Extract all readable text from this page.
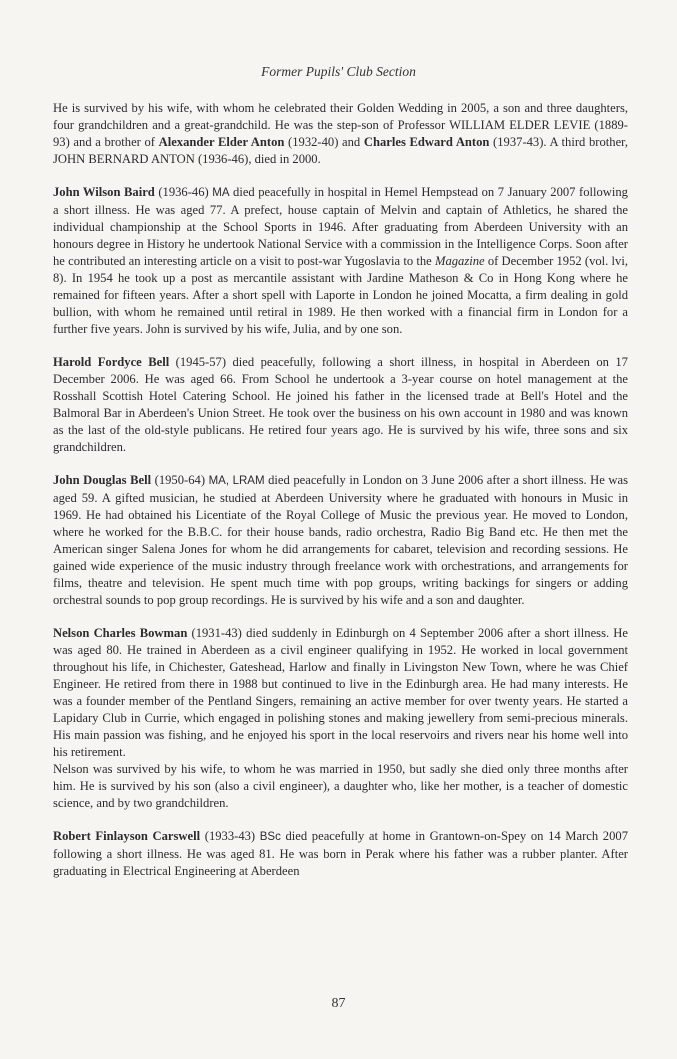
Former Pupils' Club Section

He is survived by his wife, with whom he celebrated their Golden Wedding in 2005, a son and three daughters, four grandchildren and a great-grandchild. He was the step-son of Professor WILLIAM ELDER LEVIE (1889-93) and a brother of Alexander Elder Anton (1932-40) and Charles Edward Anton (1937-43). A third brother, JOHN BERNARD ANTON (1936-46), died in 2000.

John Wilson Baird (1936-46) MA died peacefully in hospital in Hemel Hempstead on 7 January 2007 following a short illness. He was aged 77. A prefect, house captain of Melvin and captain of Athletics, he shared the individual championship at the School Sports in 1946. After graduating from Aberdeen University with an honours degree in History he undertook National Service with a commission in the Intelligence Corps. Soon after he contributed an interesting article on a visit to post-war Yugoslavia to the Magazine of December 1952 (vol. lvi, 8). In 1954 he took up a post as mercantile assistant with Jardine Matheson & Co in Hong Kong where he remained for fifteen years. After a short spell with Laporte in London he joined Mocatta, a firm dealing in gold bullion, with whom he remained until retiral in 1989. He then worked with a financial firm in London for a further five years. John is survived by his wife, Julia, and by one son.

Harold Fordyce Bell (1945-57) died peacefully, following a short illness, in hospital in Aberdeen on 17 December 2006. He was aged 66. From School he undertook a 3-year course on hotel management at the Rosshall Scottish Hotel Catering School. He joined his father in the licensed trade at Bell's Hotel and the Balmoral Bar in Aberdeen's Union Street. He took over the business on his own account in 1980 and was known as the last of the old-style publicans. He retired four years ago. He is survived by his wife, three sons and six grandchildren.

John Douglas Bell (1950-64) MA, LRAM died peacefully in London on 3 June 2006 after a short illness. He was aged 59. A gifted musician, he studied at Aberdeen University where he graduated with honours in Music in 1969. He had obtained his Licentiate of the Royal College of Music the previous year. He moved to London, where he worked for the B.B.C. for their house bands, radio orchestra, Radio Big Band etc. He then met the American singer Salena Jones for whom he did arrangements for cabaret, television and recording sessions. He gained wide experience of the music industry through freelance work with orchestrations, and arrangements for films, theatre and television. He spent much time with pop groups, writing backings for singers or adding orchestral sounds to pop group recordings. He is survived by his wife and a son and daughter.

Nelson Charles Bowman (1931-43) died suddenly in Edinburgh on 4 September 2006 after a short illness. He was aged 80. He trained in Aberdeen as a civil engineer qualifying in 1952. He worked in local government throughout his life, in Chichester, Gateshead, Harlow and finally in Livingston New Town, where he was Chief Engineer. He retired from there in 1988 but continued to live in the Edinburgh area. He had many interests. He was a founder member of the Pentland Singers, remaining an active member for over twenty years. He started a Lapidary Club in Currie, which engaged in polishing stones and making jewellery from semi-precious minerals. His main passion was fishing, and he enjoyed his sport in the local reservoirs and rivers near his home well into his retirement.

Nelson was survived by his wife, to whom he was married in 1950, but sadly she died only three months after him. He is survived by his son (also a civil engineer), a daughter who, like her mother, is a teacher of domestic science, and by two grandchildren.

Robert Finlayson Carswell (1933-43) BSc died peacefully at home in Grantown-on-Spey on 14 March 2007 following a short illness. He was aged 81. He was born in Perak where his father was a rubber planter. After graduating in Electrical Engineering at Aberdeen

87
